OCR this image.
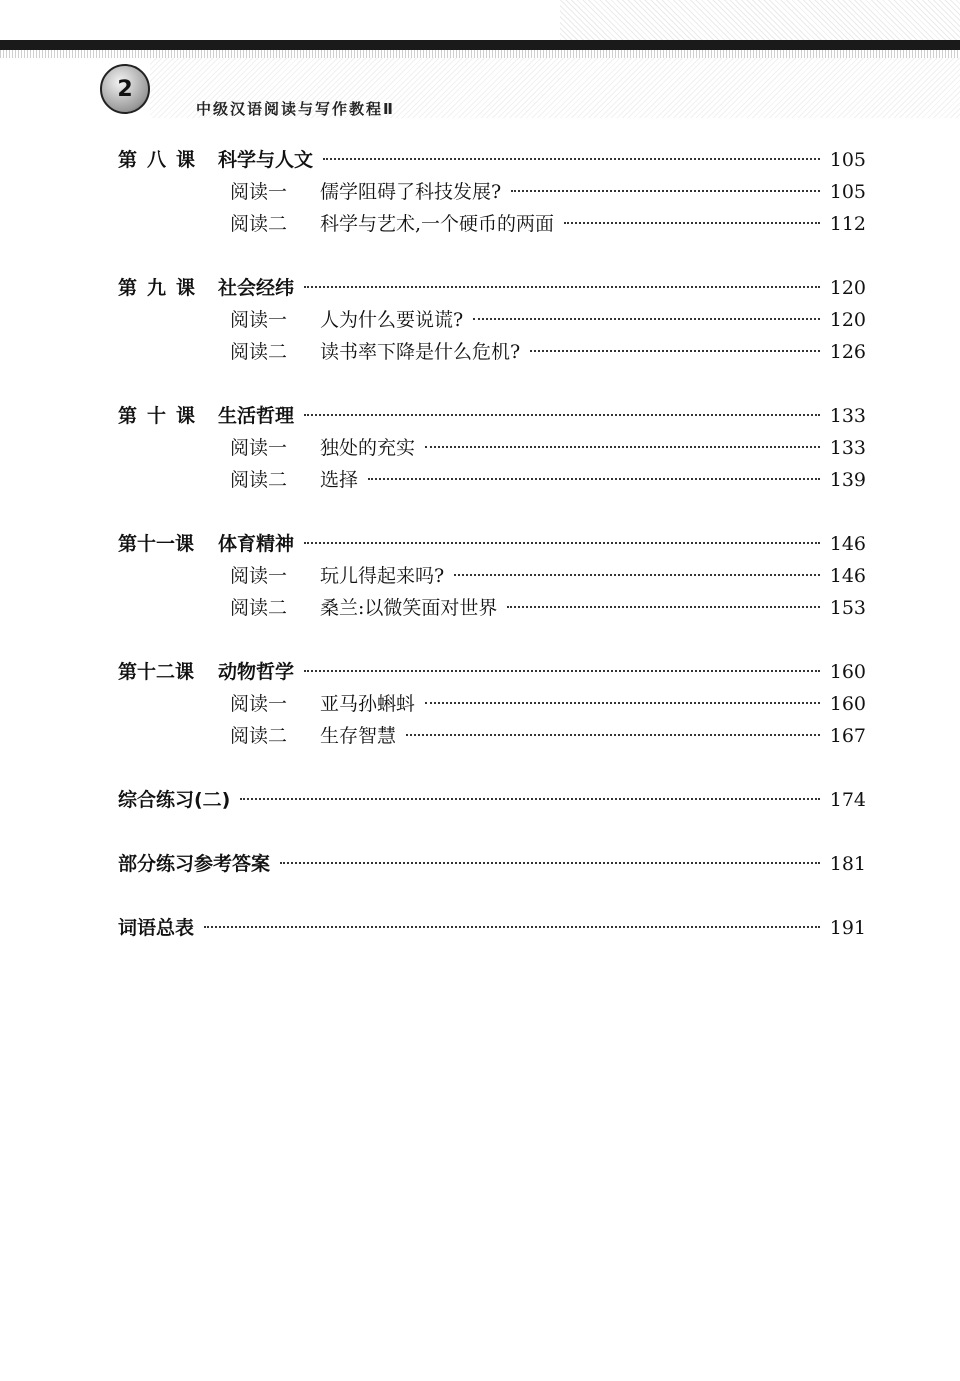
2
中级汉语阅读与写作教程Ⅱ
第八课 科学与人文	105
阅读一	儒学阻碍了科技发展?	105
阅读二	科学与艺术,一个硬币的两面	112
第九课 社会经纬	120
阅读一	人为什么要说谎?	120
阅读二	读书率下降是什么危机?	126
第十课 生活哲理	133
阅读一	独处的充实	133
阅读二	选择	139
第十一课	体育精神	146
阅读一	玩儿得起来吗?	146
阅读二	桑兰:以微笑面对世界	153
第十二课	动物哲学	160
阅读一	亚马孙蝌蚪	160
阅读二	生存智慧	167
综合练习(二)	174
部分练习参考答案	181
词语总表	191
